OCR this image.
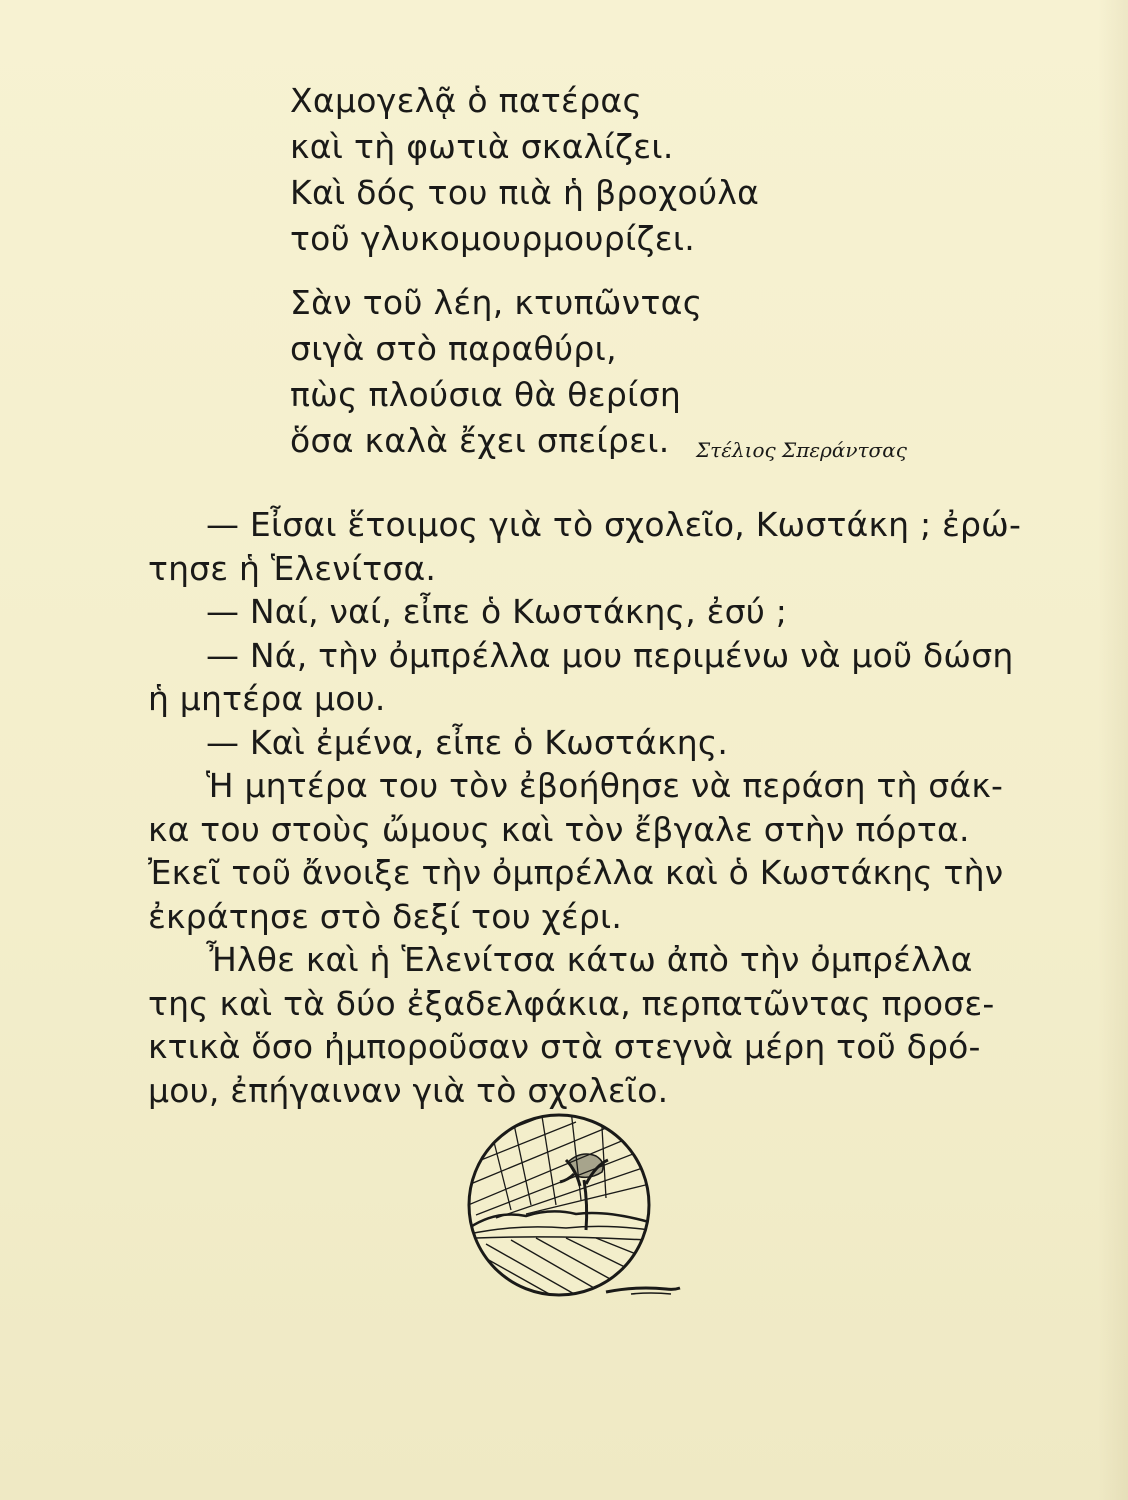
Χαμογελᾷ ὁ πατέρας
καὶ τὴ φωτιὰ σκαλίζει.
Καὶ δός του πιὰ ἡ βροχούλα
τοῦ γλυκομουρμουρίζει.
Σὰν τοῦ λέη, κτυπῶντας
σιγὰ στὸ παραθύρι,
πὼς πλούσια θὰ θερίση
ὅσα καλὰ ἔχει σπείρει.	Στέλιος Σπεράντσας
— Εἶσαι ἕτοιμος γιὰ τὸ σχολεῖο, Κωστάκη ; ἐρώ-
τησε ἡ Ἑλενίτσα.
— Ναί, ναί, εἶπε ὁ Κωστάκης, ἐσύ ;
— Νά, τὴν ὀμπρέλλα μου περιμένω νὰ μοῦ δώση
ἡ μητέρα μου.
— Καὶ ἐμένα, εἶπε ὁ Κωστάκης.
Ἡ μητέρα του τὸν ἐβοήθησε νὰ περάση τὴ σάκ-
κα του στοὺς ὤμους καὶ τὸν ἔβγαλε στὴν πόρτα.
Ἐκεῖ τοῦ ἄνοιξε τὴν ὀμπρέλλα καὶ ὁ Κωστάκης τὴν
ἐκράτησε στὸ δεξί του χέρι.
Ἦλθε καὶ ἡ Ἑλενίτσα κάτω ἀπὸ τὴν ὀμπρέλλα
της καὶ τὰ δύο ἐξαδελφάκια, περπατῶντας προσε-
κτικὰ ὅσο ἠμποροῦσαν στὰ στεγνὰ μέρη τοῦ δρό-
μου, ἐπήγαιναν γιὰ τὸ σχολεῖο.
